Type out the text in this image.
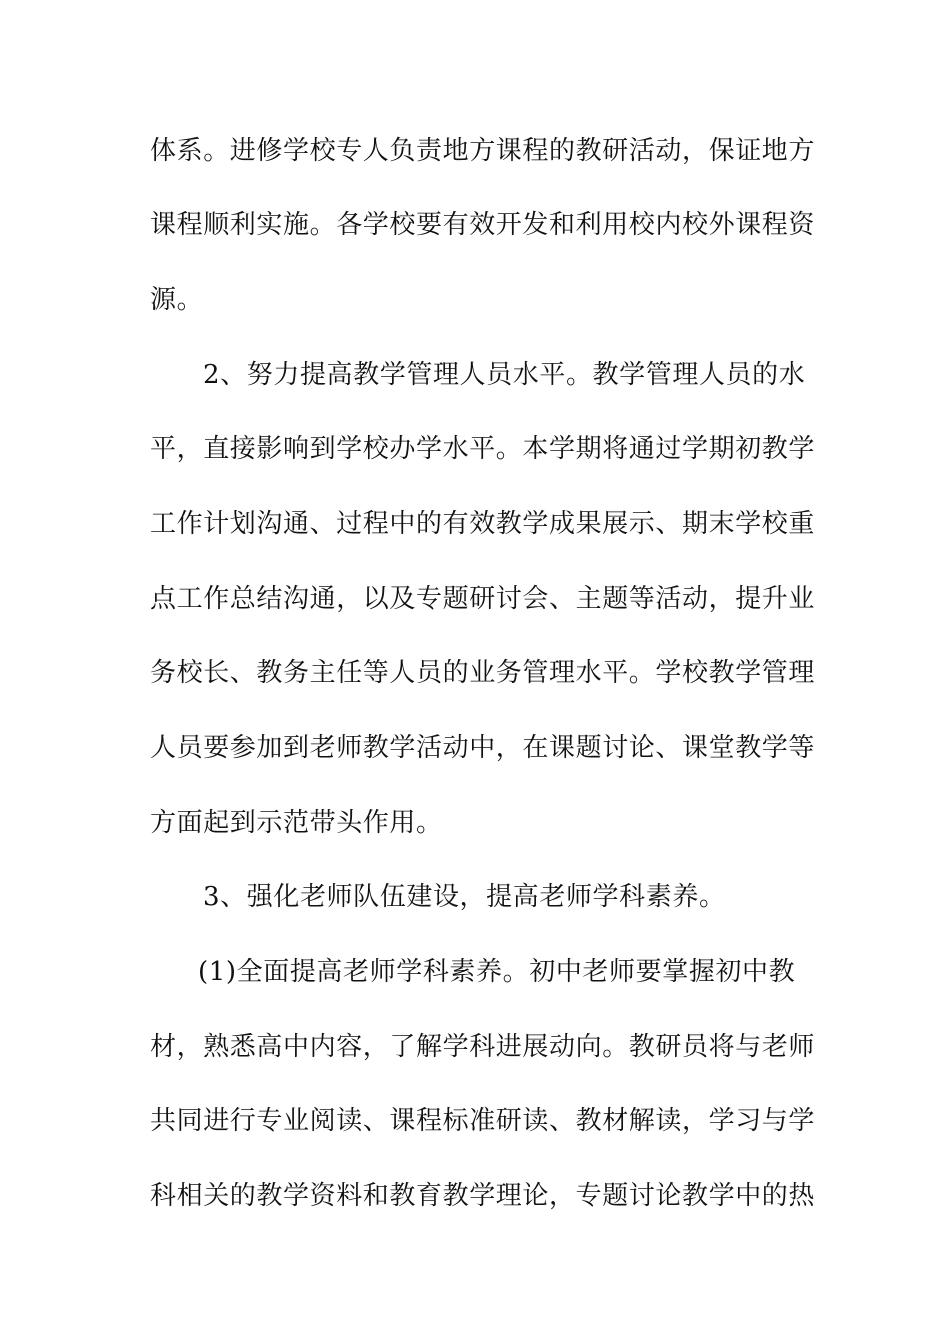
体系。进修学校专人负责地方课程的教研活动，保证地方
课程顺利实施。各学校要有效开发和利用校内校外课程资
源。
2、努力提高教学管理人员水平。教学管理人员的水
平，直接影响到学校办学水平。本学期将通过学期初教学
工作计划沟通、过程中的有效教学成果展示、期末学校重
点工作总结沟通，以及专题研讨会、主题等活动，提升业
务校长、教务主任等人员的业务管理水平。学校教学管理
人员要参加到老师教学活动中，在课题讨论、课堂教学等
方面起到示范带头作用。
3、强化老师队伍建设，提高老师学科素养。
(1)全面提高老师学科素养。初中老师要掌握初中教
材，熟悉高中内容，了解学科进展动向。教研员将与老师
共同进行专业阅读、课程标准研读、教材解读，学习与学
科相关的教学资料和教育教学理论，专题讨论教学中的热
